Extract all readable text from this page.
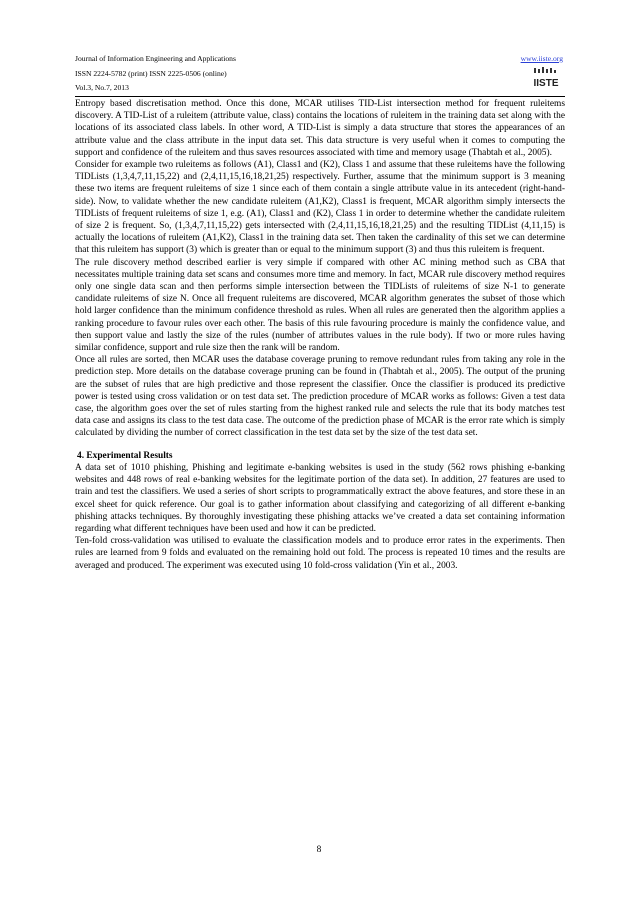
Journal of Information Engineering and Applications
ISSN 2224-5782 (print) ISSN 2225-0506 (online)
Vol.3, No.7, 2013
www.iiste.org
IISTE

Entropy based discretisation method. Once this done, MCAR utilises TID-List intersection method for frequent ruleitems discovery. A TID-List of a ruleitem (attribute value, class) contains the locations of ruleitem in the training data set along with the locations of its associated class labels. In other word, A TID-List is simply a data structure that stores the appearances of an attribute value and the class attribute in the input data set. This data structure is very useful when it comes to computing the support and confidence of the ruleitem and thus saves resources associated with time and memory usage (Thabtah et al., 2005).

Consider for example two ruleitems as follows (A1), Class1 and (K2), Class 1 and assume that these ruleitems have the following TIDLists (1,3,4,7,11,15,22) and (2,4,11,15,16,18,21,25) respectively. Further, assume that the minimum support is 3 meaning these two items are frequent ruleitems of size 1 since each of them contain a single attribute value in its antecedent (right-hand-side). Now, to validate whether the new candidate ruleitem (A1,K2), Class1 is frequent, MCAR algorithm simply intersects the TIDLists of frequent ruleitems of size 1, e.g. (A1), Class1 and (K2), Class 1 in order to determine whether the candidate ruleitem of size 2 is frequent. So, (1,3,4,7,11,15,22) gets intersected with (2,4,11,15,16,18,21,25) and the resulting TIDList (4,11,15) is actually the locations of ruleitem (A1,K2), Class1 in the training data set. Then taken the cardinality of this set we can determine that this ruleitem has support (3) which is greater than or equal to the minimum support (3) and thus this ruleitem is frequent.

The rule discovery method described earlier is very simple if compared with other AC mining method such as CBA that necessitates multiple training data set scans and consumes more time and memory. In fact, MCAR rule discovery method requires only one single data scan and then performs simple intersection between the TIDLists of ruleitems of size N-1 to generate candidate ruleitems of size N. Once all frequent ruleitems are discovered, MCAR algorithm generates the subset of those which hold larger confidence than the minimum confidence threshold as rules. When all rules are generated then the algorithm applies a ranking procedure to favour rules over each other. The basis of this rule favouring procedure is mainly the confidence value, and then support value and lastly the size of the rules (number of attributes values in the rule body). If two or more rules having similar confidence, support and rule size then the rank will be random.

Once all rules are sorted, then MCAR uses the database coverage pruning to remove redundant rules from taking any role in the prediction step. More details on the database coverage pruning can be found in (Thabtah et al., 2005). The output of the pruning are the subset of rules that are high predictive and those represent the classifier. Once the classifier is produced its predictive power is tested using cross validation or on test data set. The prediction procedure of MCAR works as follows: Given a test data case, the algorithm goes over the set of rules starting from the highest ranked rule and selects the rule that its body matches test data case and assigns its class to the test data case. The outcome of the prediction phase of MCAR is the error rate which is simply calculated by dividing the number of correct classification in the test data set by the size of the test data set.

4. Experimental Results

A data set of 1010 phishing, Phishing and legitimate e-banking websites is used in the study (562 rows phishing e-banking websites and 448 rows of real e-banking websites for the legitimate portion of the data set). In addition, 27 features are used to train and test the classifiers. We used a series of short scripts to programmatically extract the above features, and store these in an excel sheet for quick reference. Our goal is to gather information about classifying and categorizing of all different e-banking phishing attacks techniques. By thoroughly investigating these phishing attacks we’ve created a data set containing information regarding what different techniques have been used and how it can be predicted.

Ten-fold cross-validation was utilised to evaluate the classification models and to produce error rates in the experiments. Then rules are learned from 9 folds and evaluated on the remaining hold out fold. The process is repeated 10 times and the results are averaged and produced. The experiment was executed using 10 fold-cross validation (Yin et al., 2003.

8
